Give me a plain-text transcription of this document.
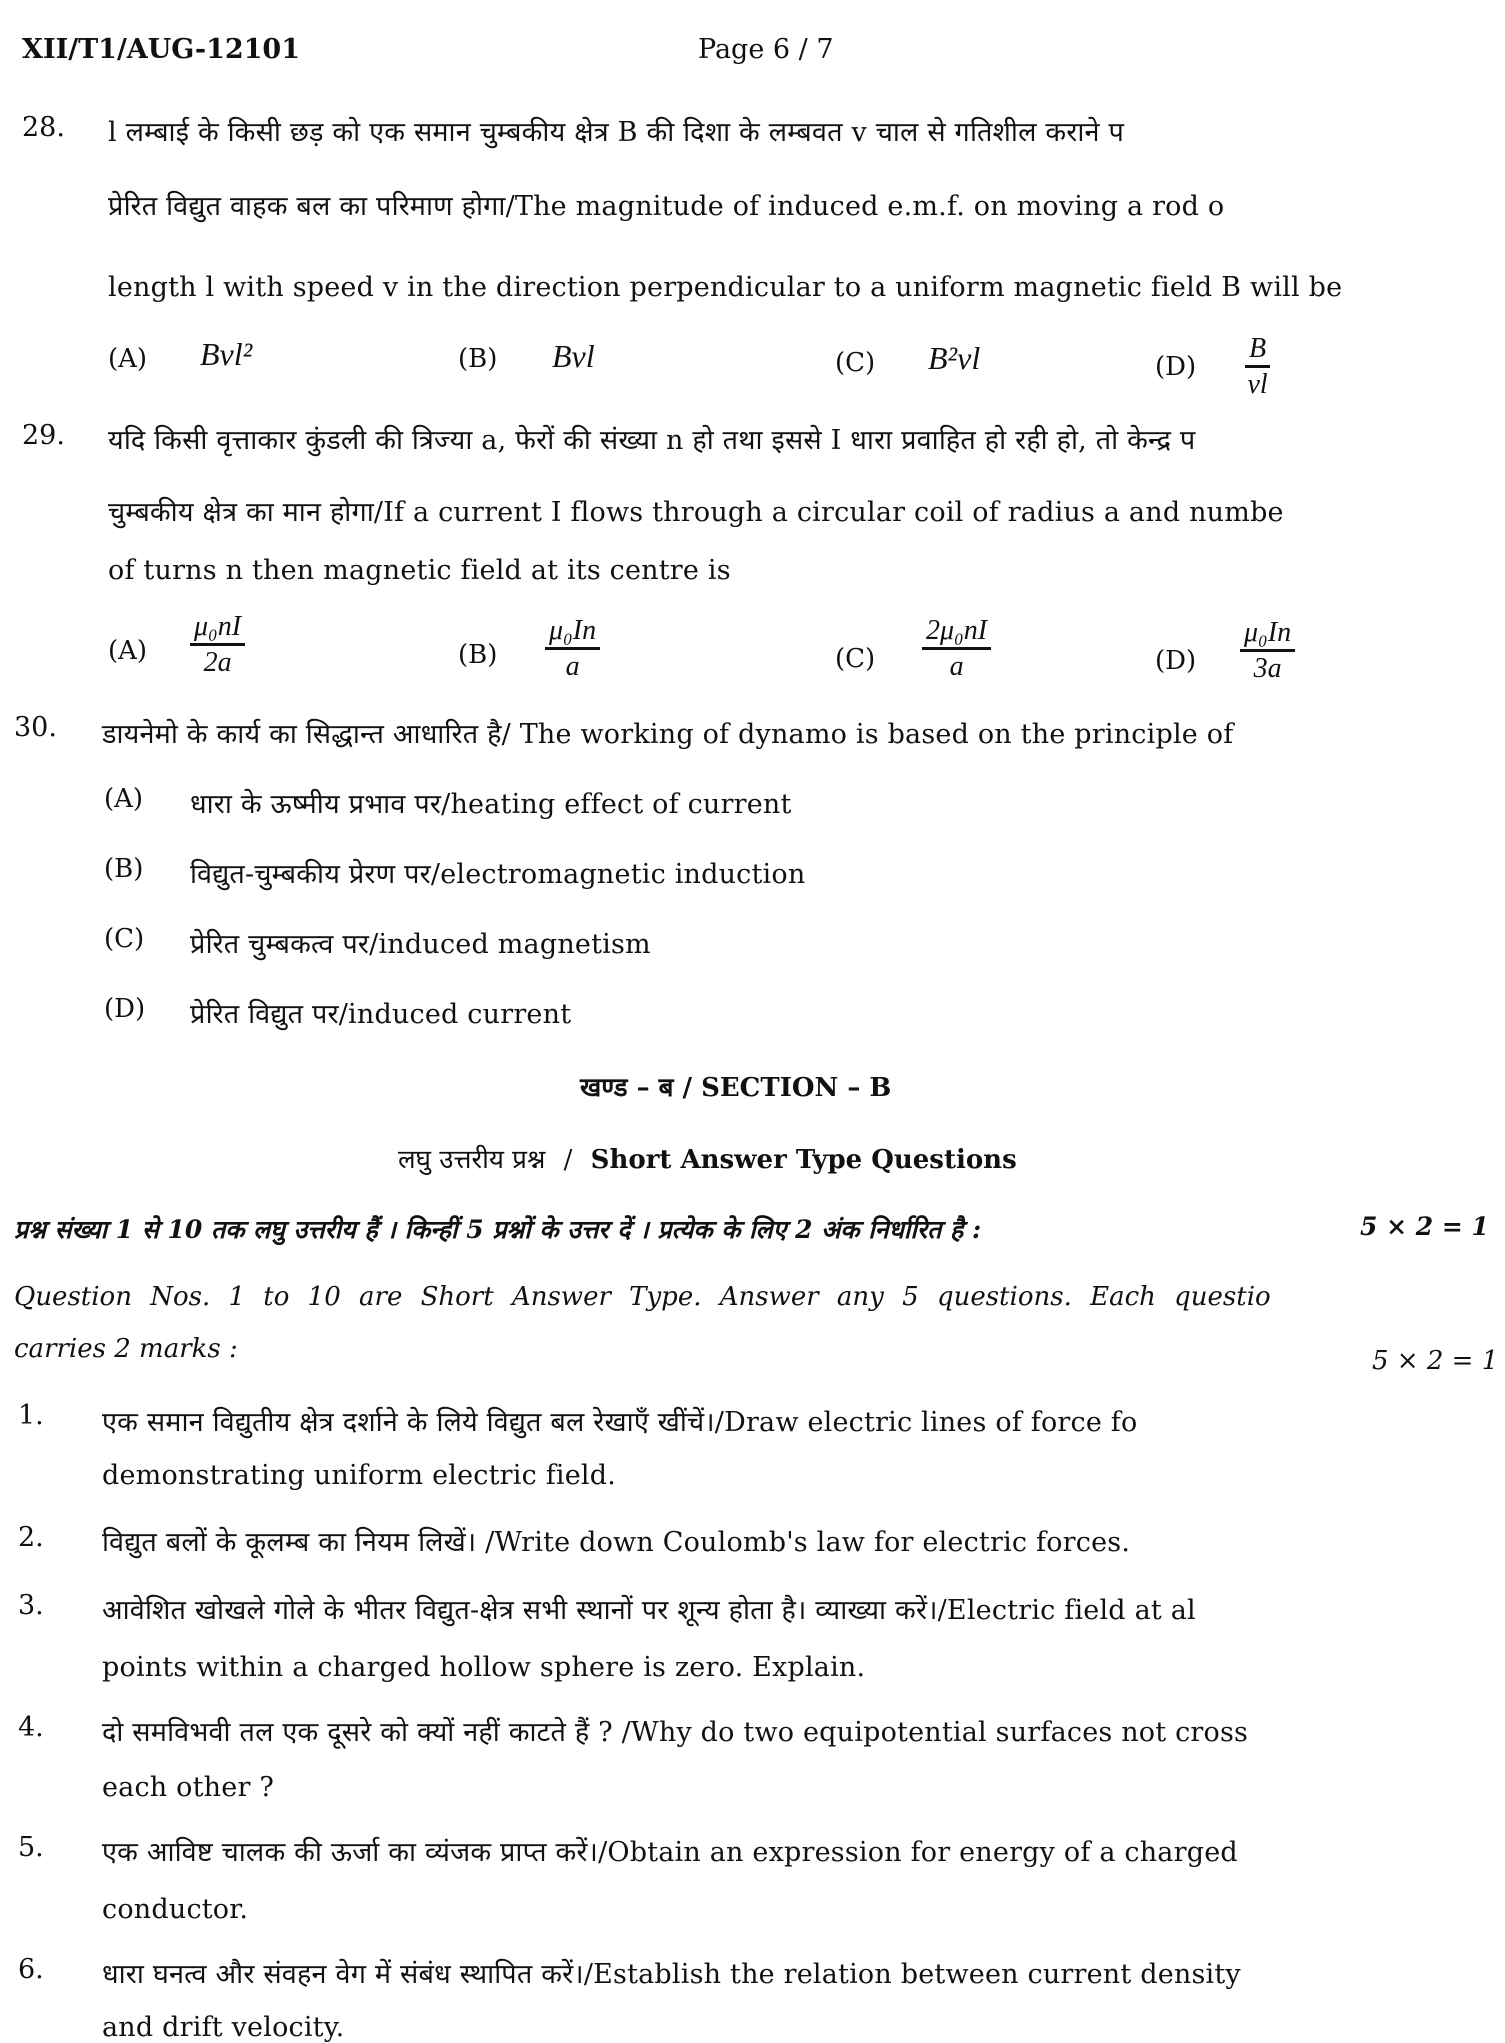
XII/T1/AUG-12101	Page 6 / 7
28. l लम्बाई के किसी छड़ को एक समान चुम्बकीय क्षेत्र B की दिशा के लम्बवत v चाल से गतिशील कराने प
प्रेरित विद्युत वाहक बल का परिमाण होगा/The magnitude of induced e.m.f. on moving a rod o
length l with speed v in the direction perpendicular to a uniform magnetic field B will be
(A) Bvl²	(B) Bvl	(C) B²vl	$(D) \frac{B}{vl}$
29. यदि किसी वृत्ताकार कुंडली की त्रिज्या a, फेरों की संख्या n हो तथा इससे I धारा प्रवाहित हो रही हो, तो केन्द्र प
चुम्बकीय क्षेत्र का मान होगा/If a current I flows through a circular coil of radius a and numbe
of turns n then magnetic field at its centre is
$(A) \frac{\text{μ₀nI}}{2a}$	$(B) \frac{\text{μ₀In}}{a}$	$(C) \frac{\text{2μ₀nI}}{a}$	$(D) \frac{\text{μ₀In}}{3a}$
30. डायनेमो के कार्य का सिद्धान्त आधारित है/ The working of dynamo is based on the principle of
(A) धारा के ऊष्मीय प्रभाव पर/heating effect of current
(B) विद्युत-चुम्बकीय प्रेरण पर/electromagnetic induction
(C) प्रेरित चुम्बकत्व पर/induced magnetism
(D) प्रेरित विद्युत पर/induced current
खण्ड – ब / SECTION – B
लघु उत्तरीय प्रश्न / Short Answer Type Questions
प्रश्न संख्या 1 से 10 तक लघु उत्तरीय हैं । किन्हीं 5 प्रश्नों के उत्तर दें । प्रत्येक के लिए 2 अंक निर्धारित है :	5 × 2 = 1
Question Nos. 1 to 10 are Short Answer Type. Answer any 5 questions. Each questio
carries 2 marks :	5 × 2 = 1
1. एक समान विद्युतीय क्षेत्र दर्शाने के लिये विद्युत बल रेखाएँ खींचें।/Draw electric lines of force fo
demonstrating uniform electric field.
2. विद्युत बलों के कूलम्ब का नियम लिखें। /Write down Coulomb's law for electric forces.
3. आवेशित खोखले गोले के भीतर विद्युत-क्षेत्र सभी स्थानों पर शून्य होता है। व्याख्या करें।/Electric field at al
points within a charged hollow sphere is zero. Explain.
4. दो समविभवी तल एक दूसरे को क्यों नहीं काटते हैं ? /Why do two equipotential surfaces not cross
each other ?
5. एक आविष्ट चालक की ऊर्जा का व्यंजक प्राप्त करें।/Obtain an expression for energy of a charged
conductor.
6. धारा घनत्व और संवहन वेग में संबंध स्थापित करें।/Establish the relation between current density
and drift velocity.
